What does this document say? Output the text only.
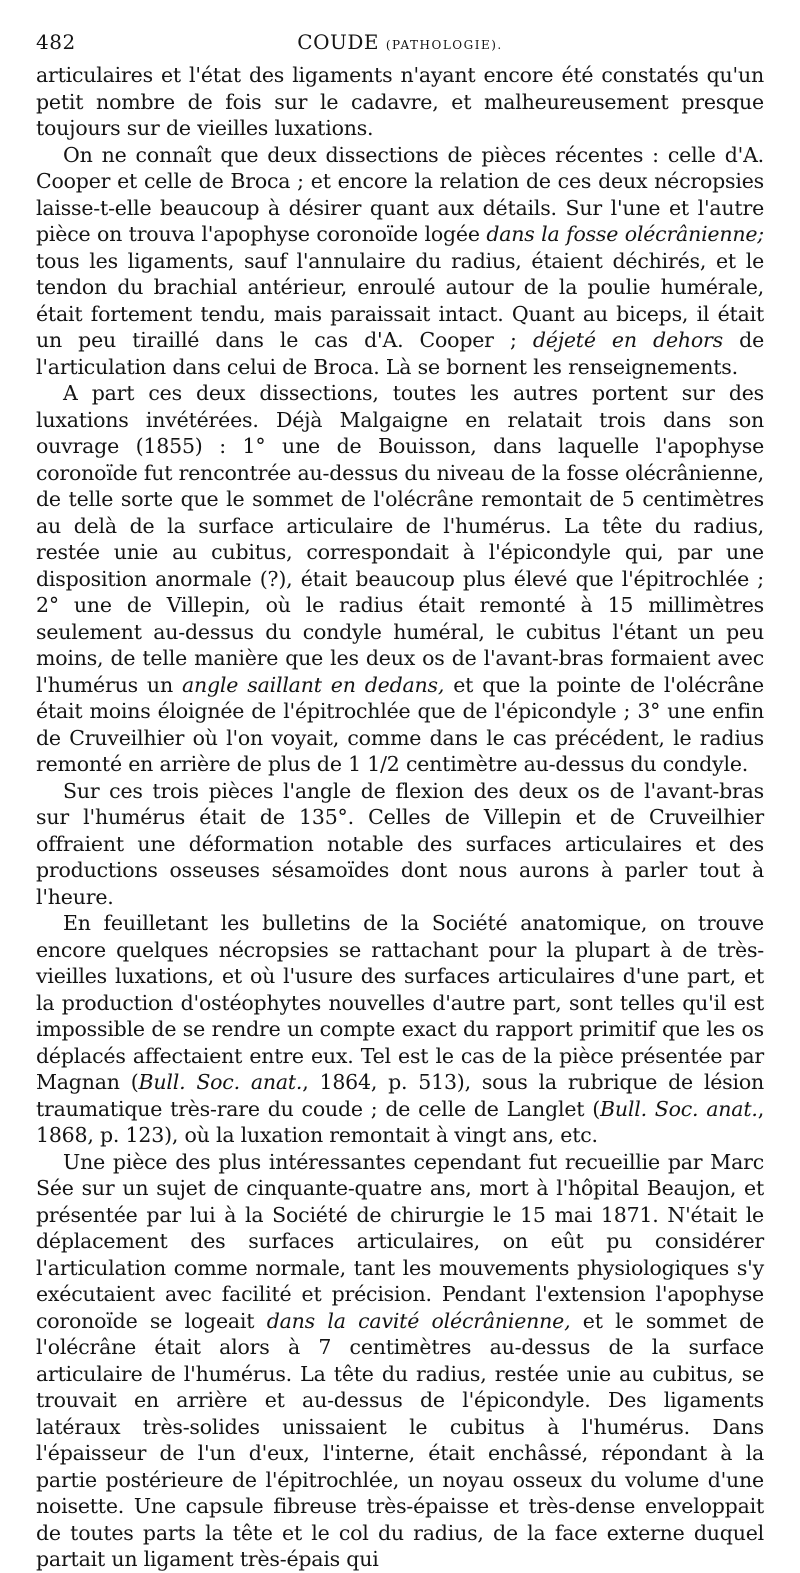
482	COUDE (PATHOLOGIE).

articulaires et l'état des ligaments n'ayant encore été constatés qu'un petit nombre de fois sur le cadavre, et malheureusement presque toujours sur de vieilles luxations.

On ne connaît que deux dissections de pièces récentes : celle d'A. Cooper et celle de Broca ; et encore la relation de ces deux nécropsies laisse-t-elle beaucoup à désirer quant aux détails. Sur l'une et l'autre pièce on trouva l'apophyse coronoïde logée dans la fosse olécrânienne; tous les ligaments, sauf l'annulaire du radius, étaient déchirés, et le tendon du brachial antérieur, enroulé autour de la poulie humérale, était fortement tendu, mais paraissait intact. Quant au biceps, il était un peu tiraillé dans le cas d'A. Cooper ; déjeté en dehors de l'articulation dans celui de Broca. Là se bornent les renseignements.

A part ces deux dissections, toutes les autres portent sur des luxations invétérées. Déjà Malgaigne en relatait trois dans son ouvrage (1855) : 1° une de Bouisson, dans laquelle l'apophyse coronoïde fut rencontrée au-dessus du niveau de la fosse olécrânienne, de telle sorte que le sommet de l'olécrâne remontait de 5 centimètres au delà de la surface articulaire de l'humérus. La tête du radius, restée unie au cubitus, correspondait à l'épicondyle qui, par une disposition anormale (?), était beaucoup plus élevé que l'épitrochlée ; 2° une de Villepin, où le radius était remonté à 15 millimètres seulement au-dessus du condyle huméral, le cubitus l'étant un peu moins, de telle manière que les deux os de l'avant-bras formaient avec l'humérus un angle saillant en dedans, et que la pointe de l'olécrâne était moins éloignée de l'épitrochlée que de l'épicondyle ; 3° une enfin de Cruveilhier où l'on voyait, comme dans le cas précédent, le radius remonté en arrière de plus de 1 1/2 centimètre au-dessus du condyle.

Sur ces trois pièces l'angle de flexion des deux os de l'avant-bras sur l'humérus était de 135°. Celles de Villepin et de Cruveilhier offraient une déformation notable des surfaces articulaires et des productions osseuses sésamoïdes dont nous aurons à parler tout à l'heure.

En feuilletant les bulletins de la Société anatomique, on trouve encore quelques nécropsies se rattachant pour la plupart à de très-vieilles luxations, et où l'usure des surfaces articulaires d'une part, et la production d'ostéophytes nouvelles d'autre part, sont telles qu'il est impossible de se rendre un compte exact du rapport primitif que les os déplacés affectaient entre eux. Tel est le cas de la pièce présentée par Magnan (Bull. Soc. anat., 1864, p. 513), sous la rubrique de lésion traumatique très-rare du coude ; de celle de Langlet (Bull. Soc. anat., 1868, p. 123), où la luxation remontait à vingt ans, etc.

Une pièce des plus intéressantes cependant fut recueillie par Marc Sée sur un sujet de cinquante-quatre ans, mort à l'hôpital Beaujon, et présentée par lui à la Société de chirurgie le 15 mai 1871. N'était le déplacement des surfaces articulaires, on eût pu considérer l'articulation comme normale, tant les mouvements physiologiques s'y exécutaient avec facilité et précision. Pendant l'extension l'apophyse coronoïde se logeait dans la cavité olécrânienne, et le sommet de l'olécrâne était alors à 7 centimètres au-dessus de la surface articulaire de l'humérus. La tête du radius, restée unie au cubitus, se trouvait en arrière et au-dessus de l'épicondyle. Des ligaments latéraux très-solides unissaient le cubitus à l'humérus. Dans l'épaisseur de l'un d'eux, l'interne, était enchâssé, répondant à la partie postérieure de l'épitrochlée, un noyau osseux du volume d'une noisette. Une capsule fibreuse très-épaisse et très-dense enveloppait de toutes parts la tête et le col du radius, de la face externe duquel partait un ligament très-épais qui
